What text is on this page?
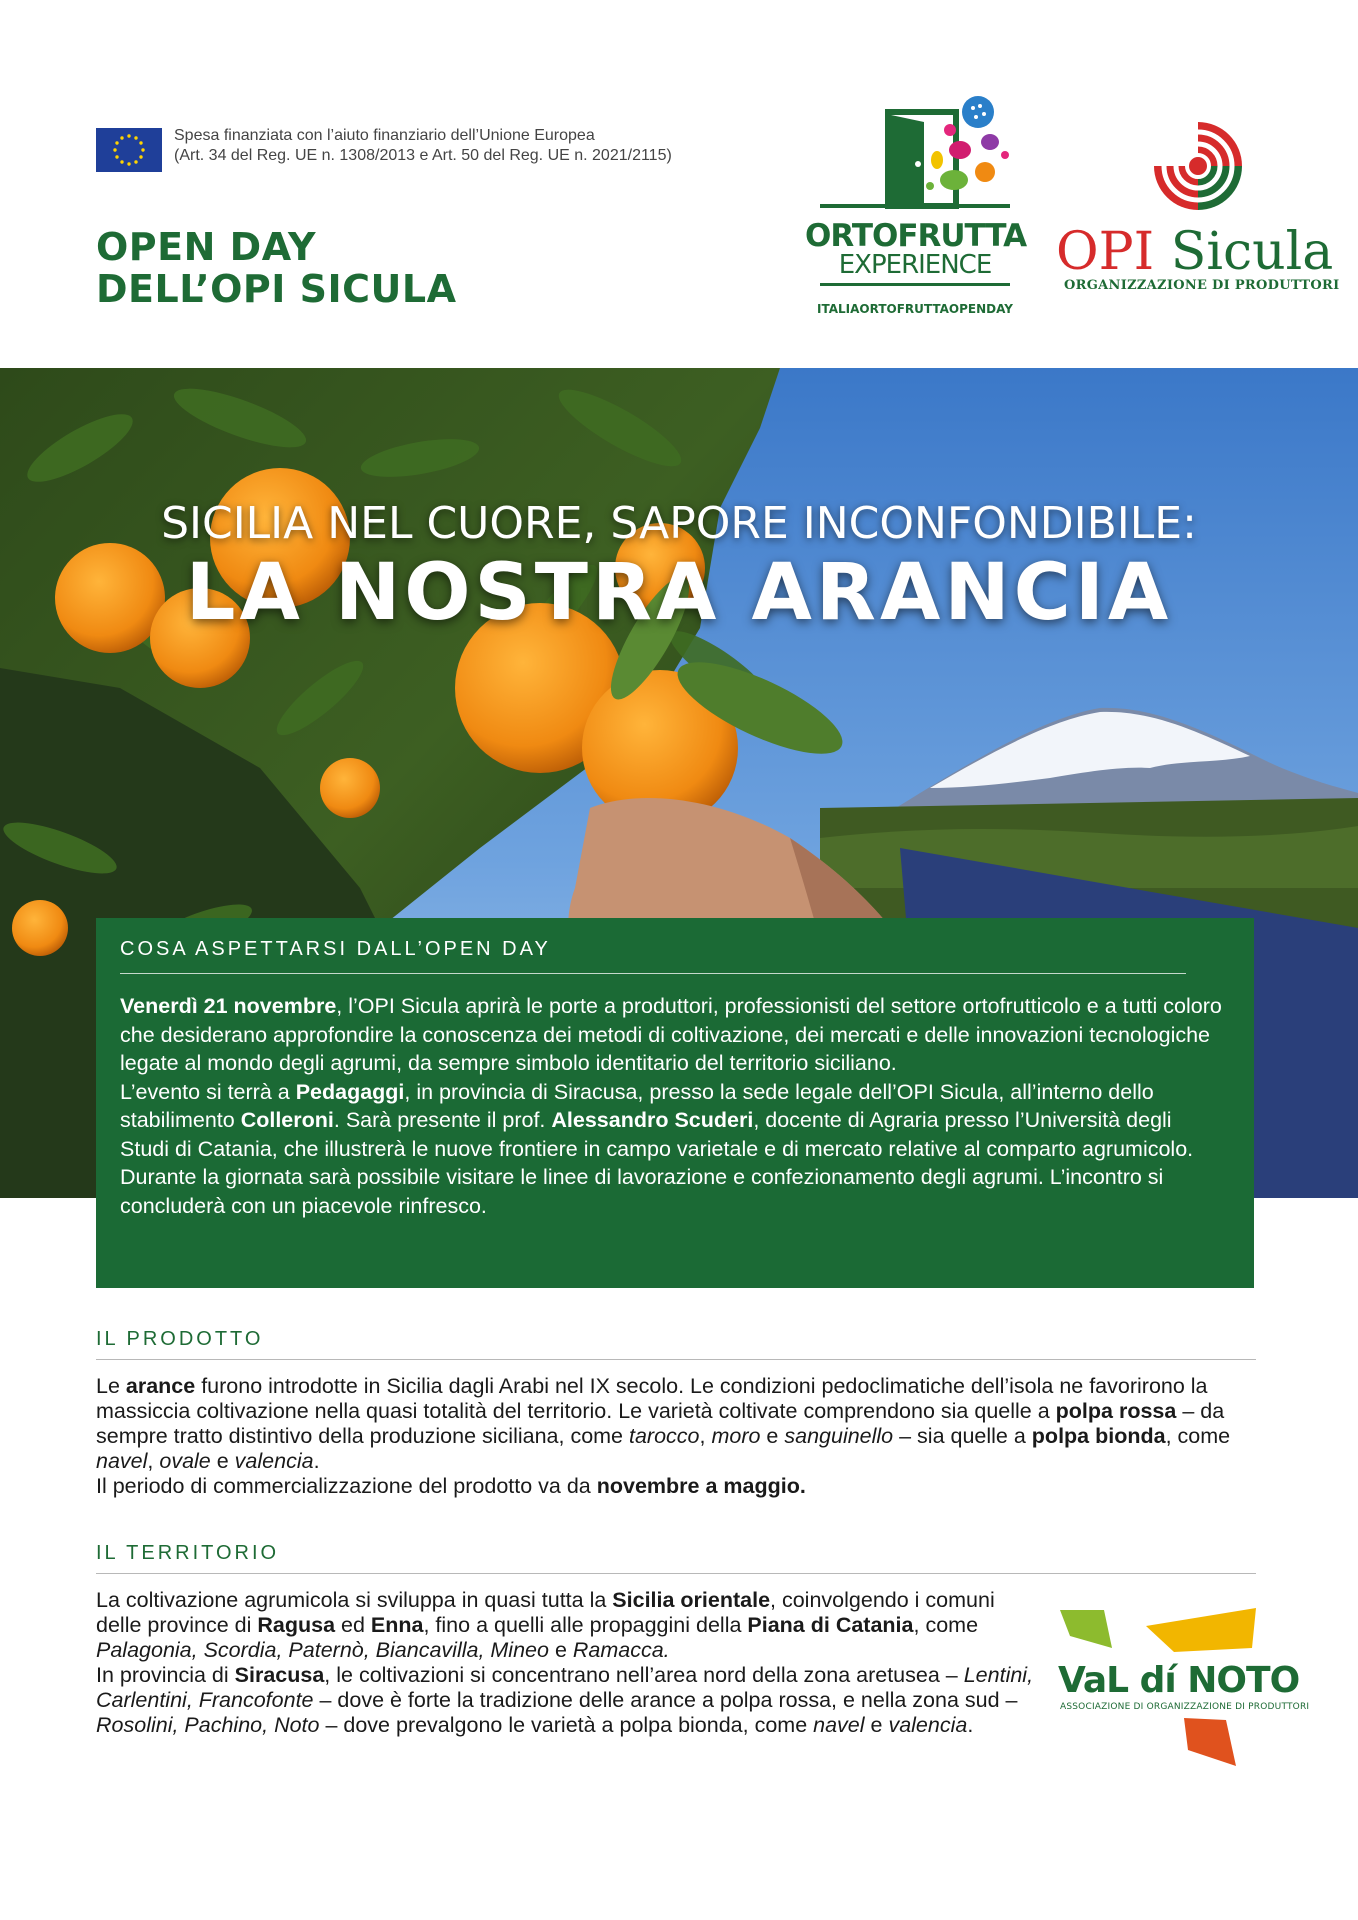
Spesa finanziata con l’aiuto finanziario dell’Unione Europea
(Art. 34 del Reg. UE n. 1308/2013 e Art. 50 del Reg. UE n. 2021/2115)
OPEN DAY
DELL’OPI SICULA
ORTOFRUTTA
EXPERIENCE
ITALIAORTOFRUTTAOPENDAY
OPI Sicula
ORGANIZZAZIONE DI PRODUTTORI
SICILIA NEL CUORE, SAPORE INCONFONDIBILE:
LA NOSTRA ARANCIA
COSA ASPETTARSI DALL’OPEN DAY

Venerdì 21 novembre, l’OPI Sicula aprirà le porte a produttori, professionisti del settore ortofrutticolo e a tutti coloro che desiderano approfondire la conoscenza dei metodi di coltivazione, dei mercati e delle innovazioni tecnologiche legate al mondo degli agrumi, da sempre simbolo identitario del territorio siciliano.

L’evento si terrà a Pedagaggi, in provincia di Siracusa, presso la sede legale dell’OPI Sicula, all’interno dello stabilimento Colleroni. Sarà presente il prof. Alessandro Scuderi, docente di Agraria presso l’Università degli Studi di Catania, che illustrerà le nuove frontiere in campo varietale e di mercato relative al comparto agrumicolo. Durante la giornata sarà possibile visitare le linee di lavorazione e confezionamento degli agrumi. L’incontro si concluderà con un piacevole rinfresco.

IL PRODOTTO

Le arance furono introdotte in Sicilia dagli Arabi nel IX secolo. Le condizioni pedoclimatiche dell’isola ne favorirono la massiccia coltivazione nella quasi totalità del territorio. Le varietà coltivate comprendono sia quelle a polpa rossa – da sempre tratto distintivo della produzione siciliana, come tarocco, moro e sanguinello – sia quelle a polpa bionda, come navel, ovale e valencia.

Il periodo di commercializzazione del prodotto va da novembre a maggio.

IL TERRITORIO

La coltivazione agrumicola si sviluppa in quasi tutta la Sicilia orientale, coinvolgendo i comuni delle province di Ragusa ed Enna, fino a quelli alle propaggini della Piana di Catania, come Palagonia, Scordia, Paternò, Biancavilla, Mineo e Ramacca.

In provincia di Siracusa, le coltivazioni si concentrano nell’area nord della zona aretusea – Lentini, Carlentini, Francofonte – dove è forte la tradizione delle arance a polpa rossa, e nella zona sud – Rosolini, Pachino, Noto – dove prevalgono le varietà a polpa bionda, come navel e valencia.

VaL dí NOTO
ASSOCIAZIONE DI ORGANIZZAZIONE DI PRODUTTORI
